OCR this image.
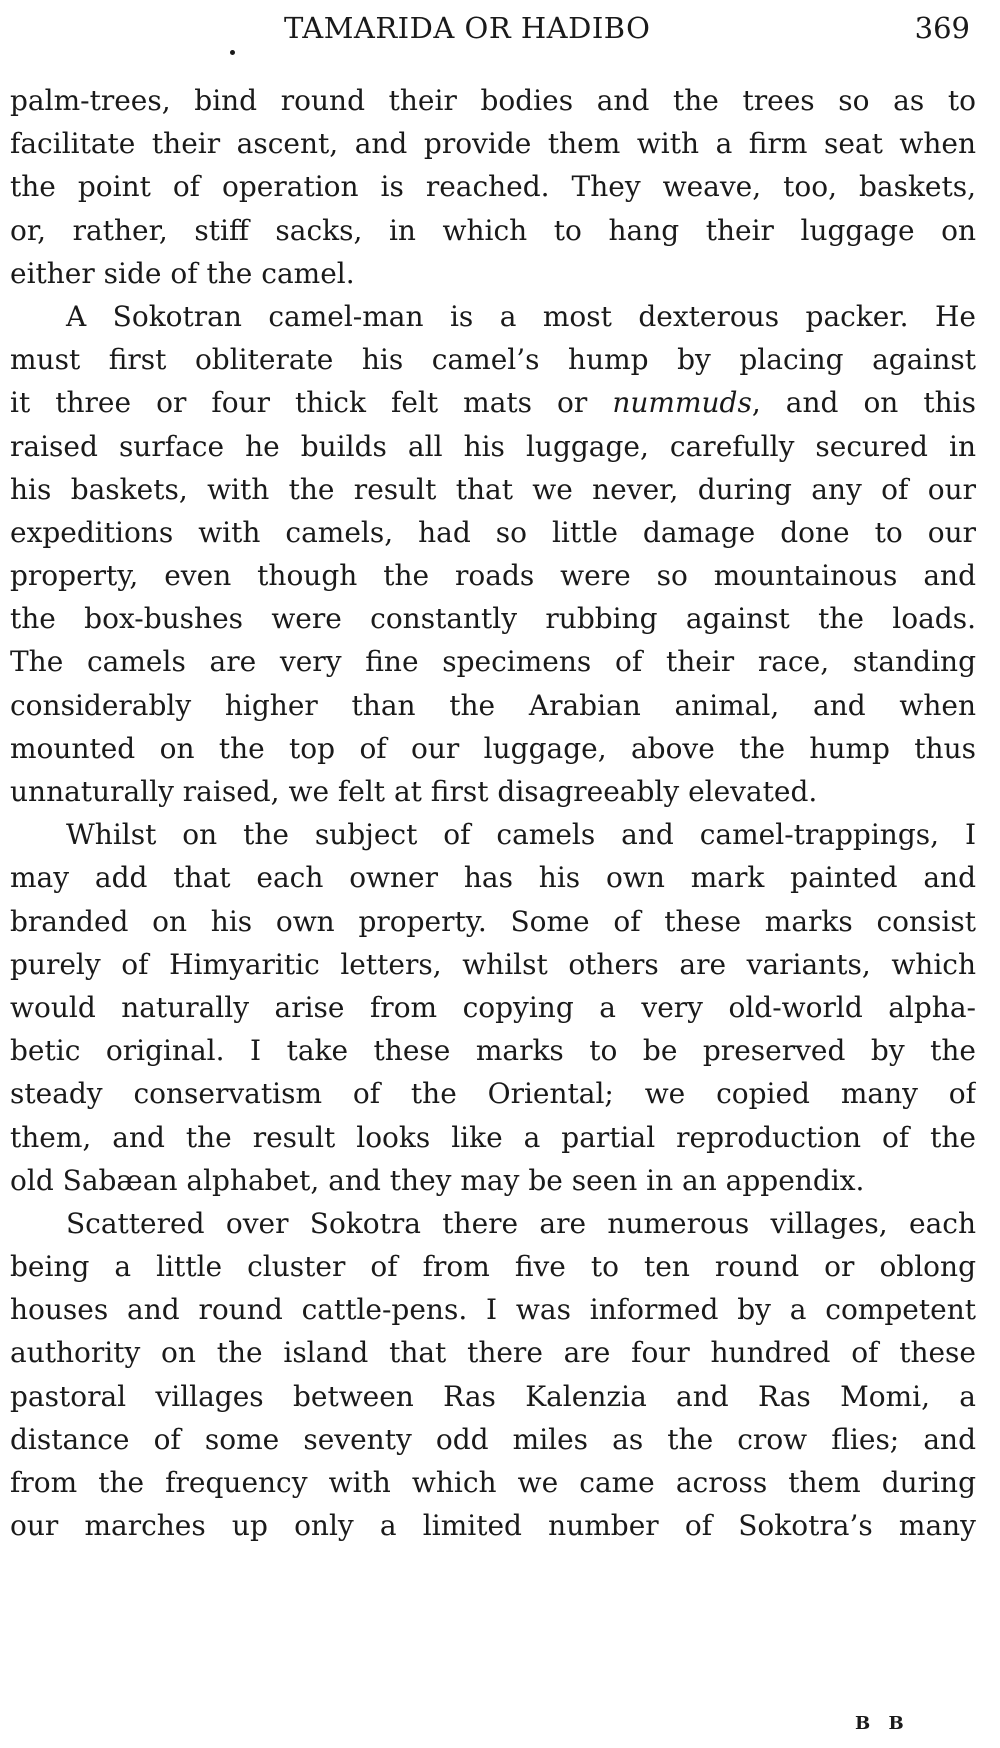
TAMARIDA OR HADIBO	369
palm-trees, bind round their bodies and the trees so as to
facilitate their ascent, and provide them with a firm seat when
the point of operation is reached. They weave, too, baskets,
or, rather, stiff sacks, in which to hang their luggage on
either side of the camel.
A Sokotran camel-man is a most dexterous packer. He
must first obliterate his camel’s hump by placing against
it three or four thick felt mats or nummuds, and on this
raised surface he builds all his luggage, carefully secured in
his baskets, with the result that we never, during any of our
expeditions with camels, had so little damage done to our
property, even though the roads were so mountainous and
the box-bushes were constantly rubbing against the loads.
The camels are very fine specimens of their race, standing
considerably higher than the Arabian animal, and when
mounted on the top of our luggage, above the hump thus
unnaturally raised, we felt at first disagreeably elevated.
Whilst on the subject of camels and camel-trappings, I
may add that each owner has his own mark painted and
branded on his own property. Some of these marks consist
purely of Himyaritic letters, whilst others are variants, which
would naturally arise from copying a very old-world alpha-
betic original. I take these marks to be preserved by the
steady conservatism of the Oriental; we copied many of
them, and the result looks like a partial reproduction of the
old Sabæan alphabet, and they may be seen in an appendix.
Scattered over Sokotra there are numerous villages, each
being a little cluster of from five to ten round or oblong
houses and round cattle-pens. I was informed by a competent
authority on the island that there are four hundred of these
pastoral villages between Ras Kalenzia and Ras Momi, a
distance of some seventy odd miles as the crow flies; and
from the frequency with which we came across them during
our marches up only a limited number of Sokotra’s many
B B
